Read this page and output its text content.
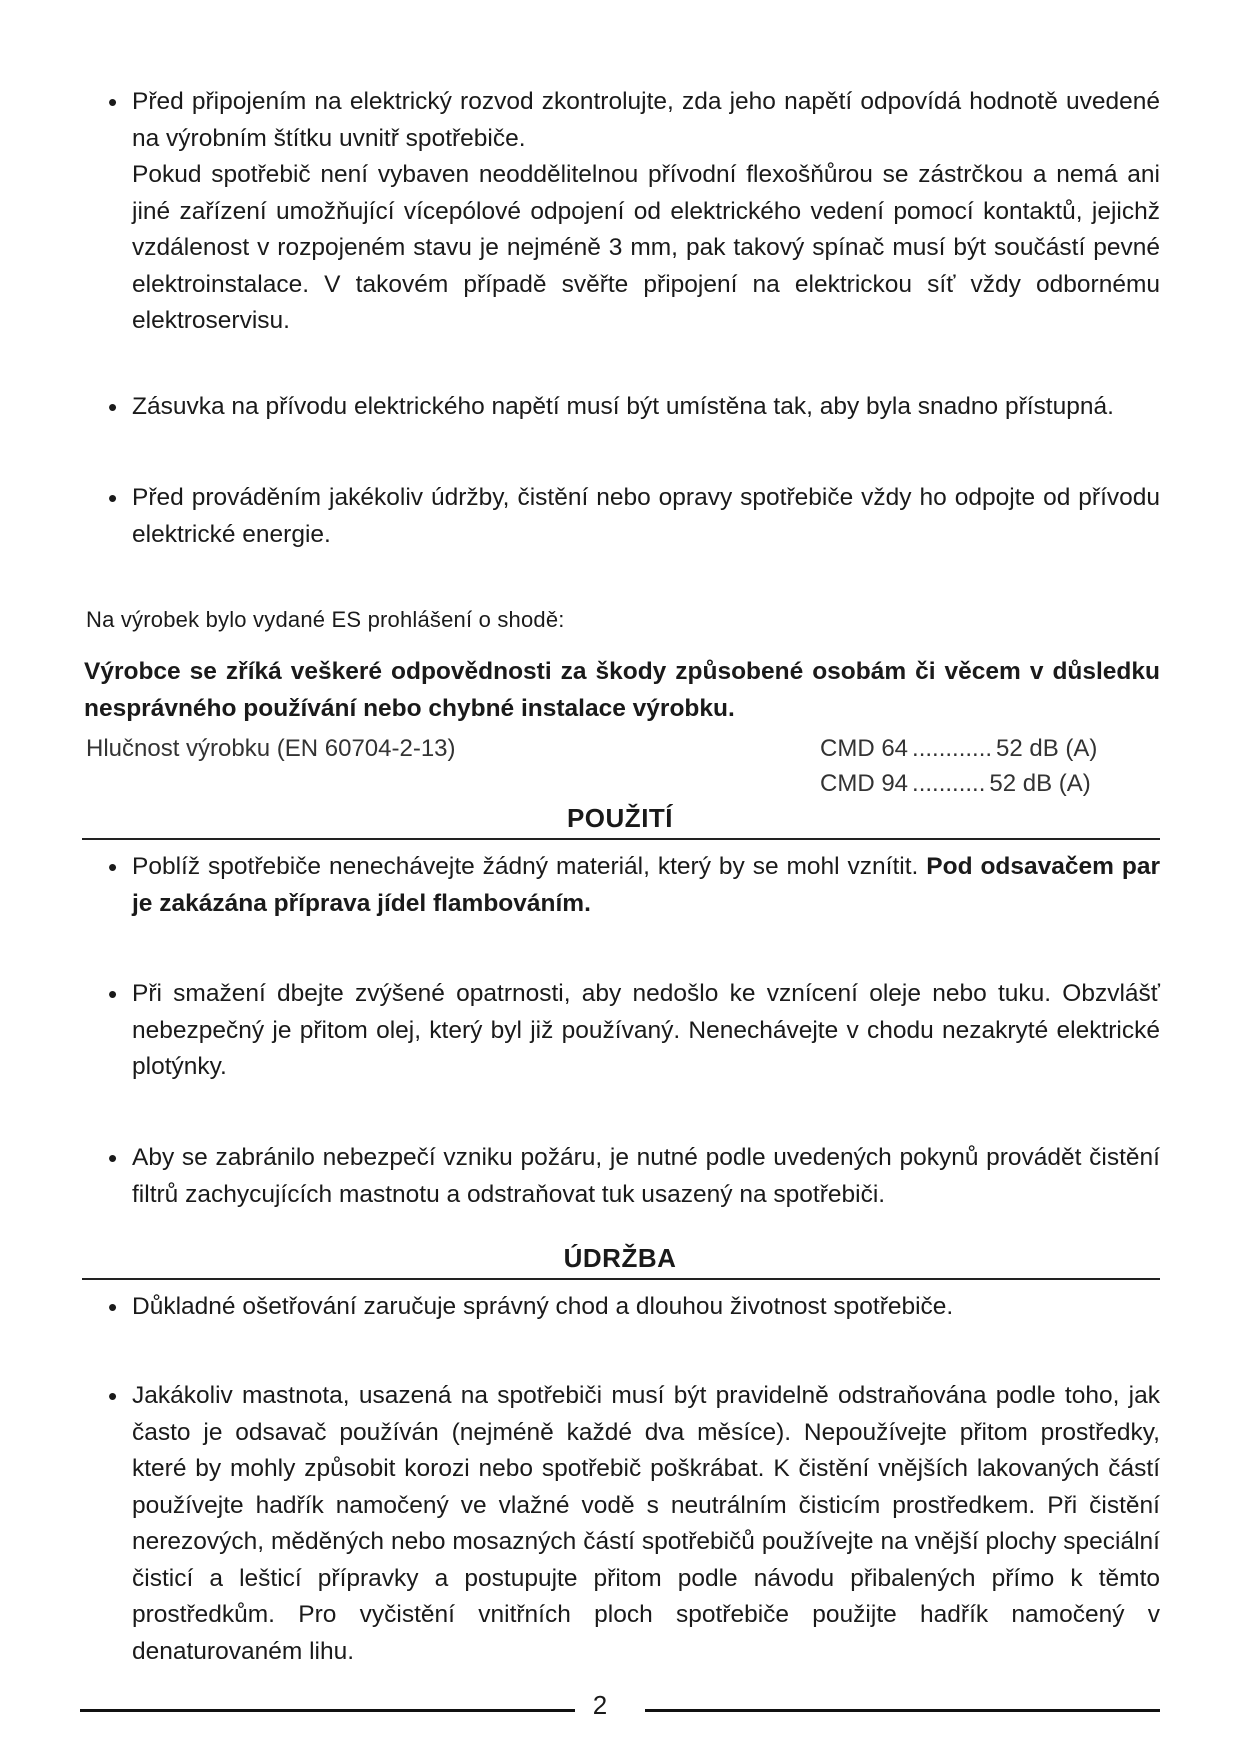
• Před připojením na elektrický rozvod zkontrolujte, zda jeho napětí odpovídá hodnotě uvedené na výrobním štítku uvnitř spotřebiče.

Pokud spotřebič není vybaven neoddělitelnou přívodní flexošňůrou se zástrčkou a nemá ani jiné zařízení umožňující vícepólové odpojení od elektrického vedení pomocí kontaktů, jejichž vzdálenost v rozpojeném stavu je nejméně 3 mm, pak takový spínač musí být součástí pevné elektroinstalace. V takovém případě svěřte připojení na elektrickou síť vždy odbornému elektroservisu.

• Zásuvka na přívodu elektrického napětí musí být umístěna tak, aby byla snadno přístupná.
• Před prováděním jakékoliv údržby, čistění nebo opravy spotřebiče vždy ho odpojte od přívodu elektrické energie.
Na výrobek bylo vydané ES prohlášení o shodě:
Výrobce se zříká veškeré odpovědnosti za škody způsobené osobám či věcem v důsledku nesprávného používání nebo chybné instalace výrobku.
Hlučnost výrobku (EN 60704-2-13)	CMD 64 ............ 52 dB (A)
CMD 94 ........... 52 dB (A)
POUŽITÍ
• Poblíž spotřebiče nenechávejte žádný materiál, který by se mohl vznítit. Pod odsavačem par je zakázána příprava jídel flambováním.
• Při smažení dbejte zvýšené opatrnosti, aby nedošlo ke vznícení oleje nebo tuku. Obzvlášť nebezpečný je přitom olej, který byl již používaný. Nenechávejte v chodu nezakryté elektrické plotýnky.
• Aby se zabránilo nebezpečí vzniku požáru, je nutné podle uvedených pokynů provádět čistění filtrů zachycujících mastnotu a odstraňovat tuk usazený na spotřebiči.
ÚDRŽBA
• Důkladné ošetřování zaručuje správný chod a dlouhou životnost spotřebiče.
• Jakákoliv mastnota, usazená na spotřebiči musí být pravidelně odstraňována podle toho, jak často je odsavač používán (nejméně každé dva měsíce). Nepoužívejte přitom prostředky, které by mohly způsobit korozi nebo spotřebič poškrábat. K čistění vnějších lakovaných částí používejte hadřík namočený ve vlažné vodě s neutrálním čisticím prostředkem. Při čistění nerezových, měděných nebo mosazných částí spotřebičů používejte na vnější plochy speciální čisticí a lešticí přípravky a postupujte přitom podle návodu přibalených přímo k těmto prostředkům. Pro vyčistění vnitřních ploch spotřebiče použijte hadřík namočený v denaturovaném lihu.
2
